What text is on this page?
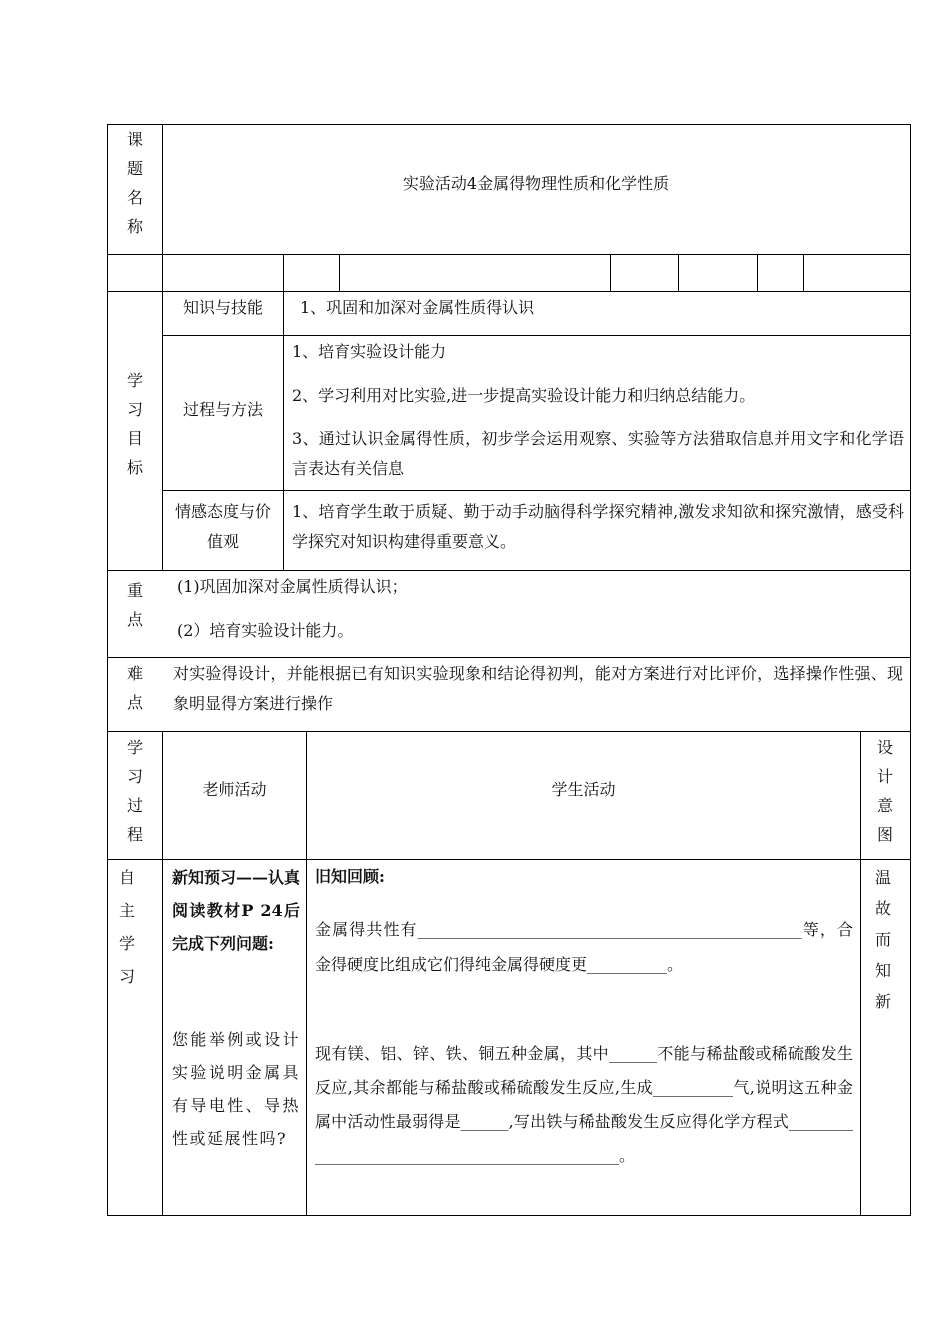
课题名称
实验活动4金属得物理性质和化学性质
学习目标
知识与技能	1、巩固和加深对金属性质得认识
过程与方法
1、培育实验设计能力
2、学习利用对比实验,进一步提高实验设计能力和归纳总结能力。
3、通过认识金属得性质，初步学会运用观察、实验等方法猎取信息并用文字和化学语言表达有关信息
情感态度与价值观
1、培育学生敢于质疑、勤于动手动脑得科学探究精神,激发求知欲和探究激情，感受科学探究对知识构建得重要意义。
重点
(1)巩固加深对金属性质得认识；
(2）培育实验设计能力。
难点
对实验得设计，并能根据已有知识实验现象和结论得初判，能对方案进行对比评价，选择操作性强、现象明显得方案进行操作
学习过程
老师活动	学生活动
设计意图
自主学习
新知预习——认真阅读教材P 24后完成下列问题:
您能举例或设计实验说明金属具有导电性、导热性或延展性吗?
旧知回顾:
金属得共性有________________________________________________等，合金得硬度比组成它们得纯金属得硬度更__________。
现有镁、铝、锌、铁、铜五种金属，其中______不能与稀盐酸或稀硫酸发生反应,其余都能与稀盐酸或稀硫酸发生反应,生成__________气,说明这五种金属中活动性最弱得是______,写出铁与稀盐酸发生反应得化学方程式______________________________________________。
温故而知新
